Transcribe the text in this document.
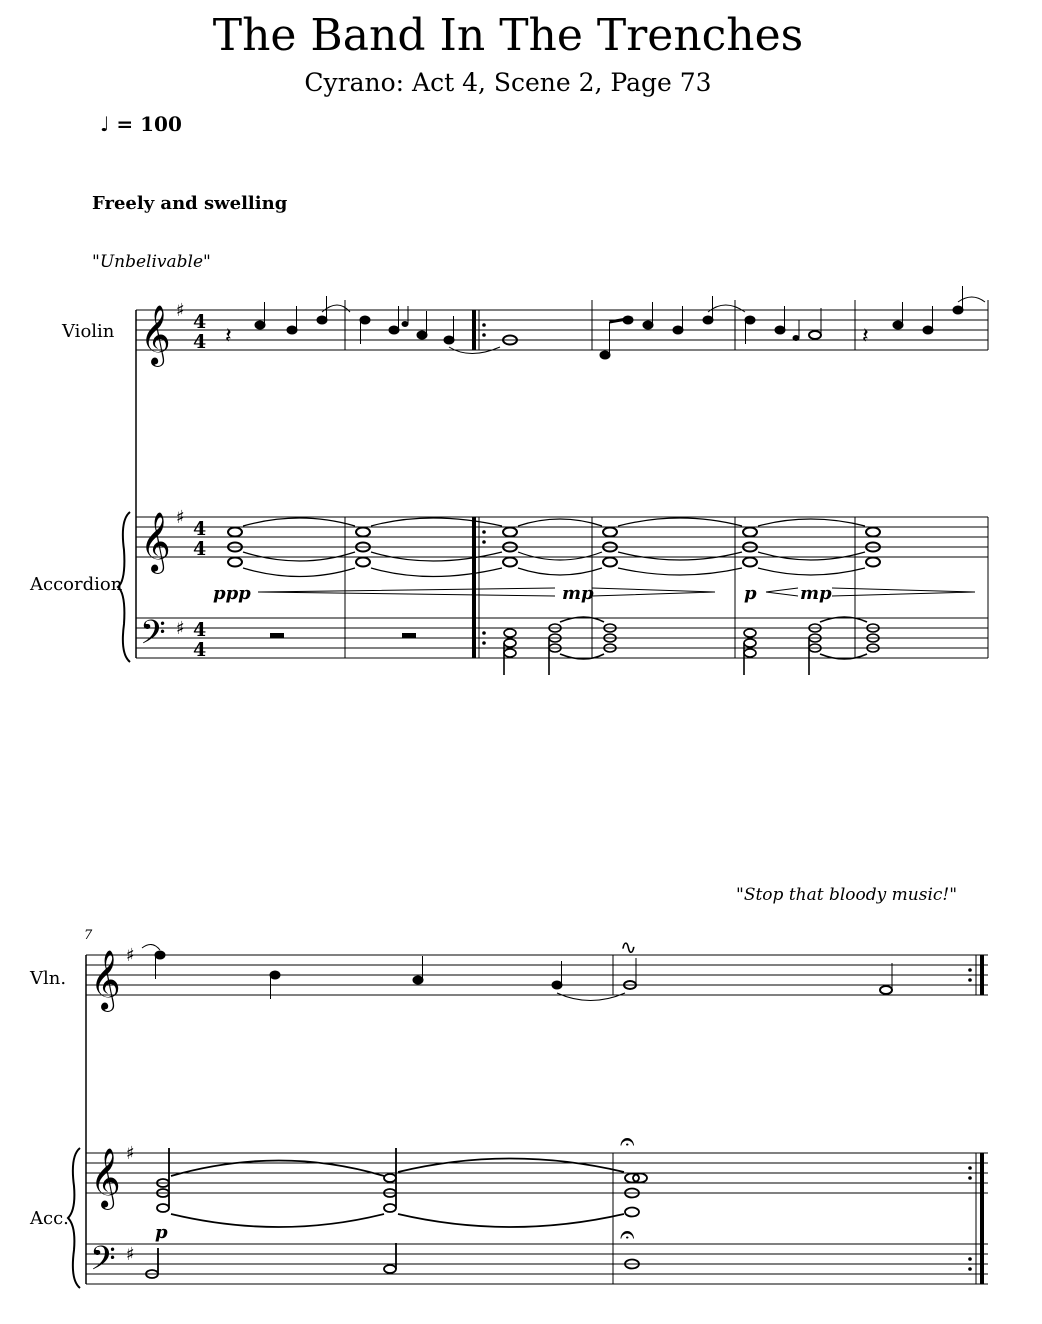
The Band In The Trenches
Cyrano: Act 4, Scene 2, Page 73
♩ = 100
Freely and swelling
"Unbelivable"
"Stop that bloody music!"
Violin
Accordion
Vln.
Acc.
7
ppp	mp	p mp
p
𝄞
𝄞
𝄢
♯
♯
♯
4
4
4
4
4
4
𝄽	𝄽
𝄞
𝄞
𝄢
♯
♯
♯
∿
𝄐
𝄐
